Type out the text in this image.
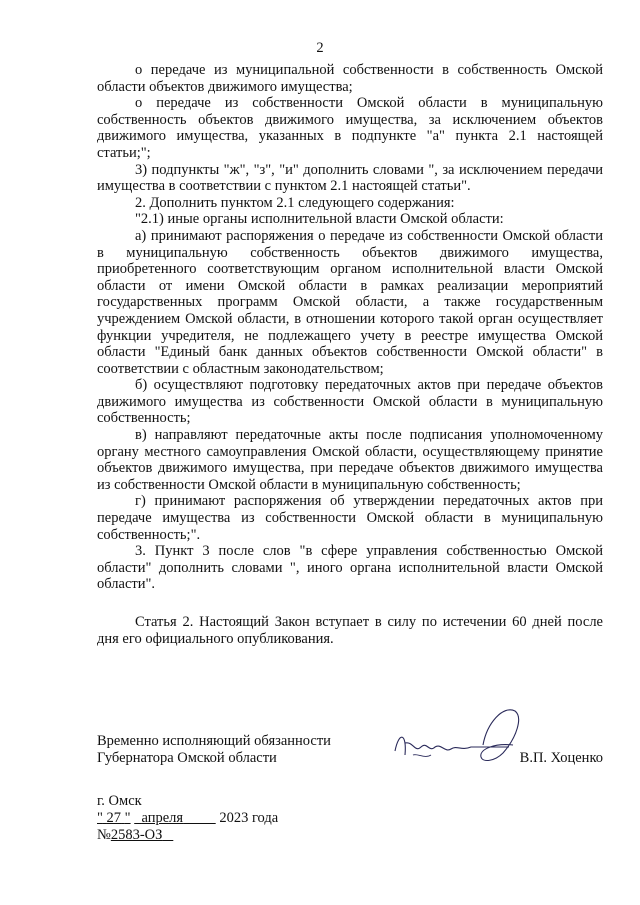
2

о передаче из муниципальной собственности в собственность Омской области объектов движимого имущества;

о передаче из собственности Омской области в муниципальную собственность объектов движимого имущества, за исключением объектов движимого имущества, указанных в подпункте "а" пункта 2.1 настоящей статьи;";

3) подпункты "ж", "з", "и" дополнить словами ", за исключением передачи имущества в соответствии с пунктом 2.1 настоящей статьи".

2. Дополнить пунктом 2.1 следующего содержания:

"2.1) иные органы исполнительной власти Омской области:

а) принимают распоряжения о передаче из собственности Омской области в муниципальную собственность объектов движимого имущества, приобретенного соответствующим органом исполнительной власти Омской области от имени Омской области в рамках реализации мероприятий государственных программ Омской области, а также государственным учреждением Омской области, в отношении которого такой орган осуществляет функции учредителя, не подлежащего учету в реестре имущества Омской области "Единый банк данных объектов собственности Омской области" в соответствии с областным законодательством;

б) осуществляют подготовку передаточных актов при передаче объектов движимого имущества из собственности Омской области в муниципальную собственность;

в) направляют передаточные акты после подписания уполномоченному органу местного самоуправления Омской области, осуществляющему принятие объектов движимого имущества, при передаче объектов движимого имущества из собственности Омской области в муниципальную собственность;

г) принимают распоряжения об утверждении передаточных актов при передаче имущества из собственности Омской области в муниципальную собственность;".

3. Пункт 3 после слов "в сфере управления собственностью Омской области" дополнить словами ", иного органа исполнительной власти Омской области".

Статья 2. Настоящий Закон вступает в силу по истечении 60 дней после дня его официального опубликования.

Временно исполняющий обязанности
Губернатора Омской области	В.П. Хоценко
г. Омск
" 27 " апреля	2023 года
№2583-ОЗ
